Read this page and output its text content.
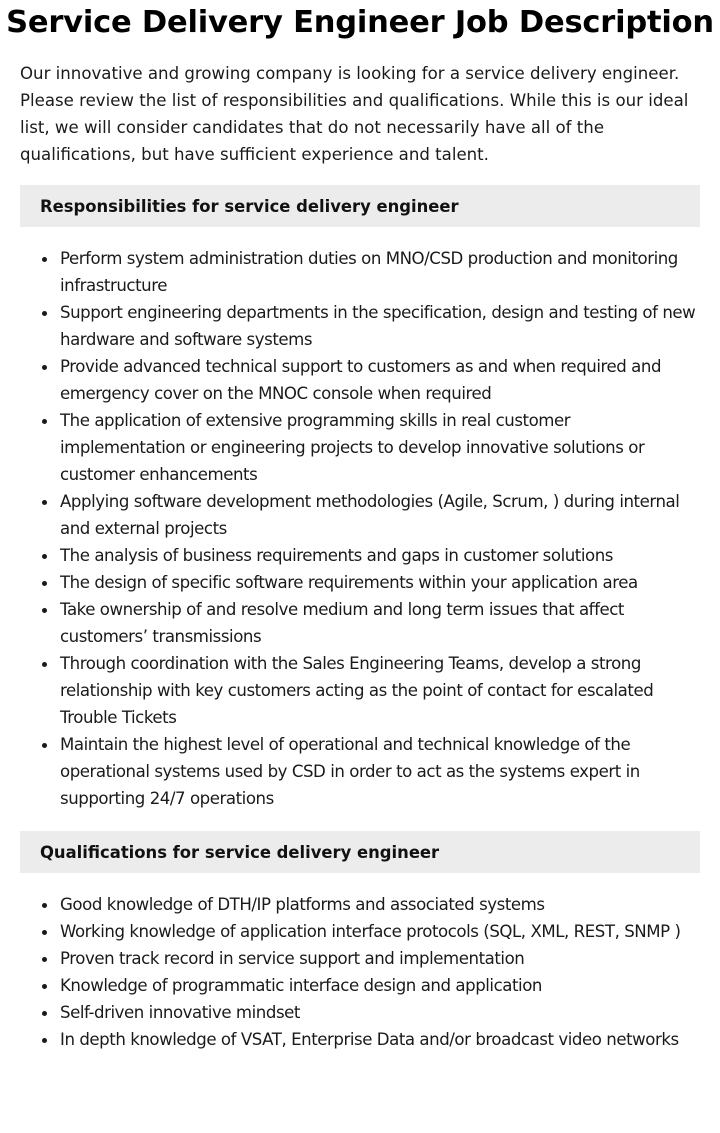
Service Delivery Engineer Job Description

Our innovative and growing company is looking for a service delivery engineer. Please review the list of responsibilities and qualifications. While this is our ideal list, we will consider candidates that do not necessarily have all of the qualifications, but have sufficient experience and talent.

Responsibilities for service delivery engineer
Perform system administration duties on MNO/CSD production and monitoring infrastructure
Support engineering departments in the specification, design and testing of new hardware and software systems
Provide advanced technical support to customers as and when required and emergency cover on the MNOC console when required
The application of extensive programming skills in real customer implementation or engineering projects to develop innovative solutions or customer enhancements
Applying software development methodologies (Agile, Scrum, ) during internal and external projects
The analysis of business requirements and gaps in customer solutions
The design of specific software requirements within your application area
Take ownership of and resolve medium and long term issues that affect customers’ transmissions
Through coordination with the Sales Engineering Teams, develop a strong relationship with key customers acting as the point of contact for escalated Trouble Tickets
Maintain the highest level of operational and technical knowledge of the operational systems used by CSD in order to act as the systems expert in supporting 24/7 operations
Qualifications for service delivery engineer
Good knowledge of DTH/IP platforms and associated systems
Working knowledge of application interface protocols (SQL, XML, REST, SNMP )
Proven track record in service support and implementation
Knowledge of programmatic interface design and application
Self-driven innovative mindset
In depth knowledge of VSAT, Enterprise Data and/or broadcast video networks
